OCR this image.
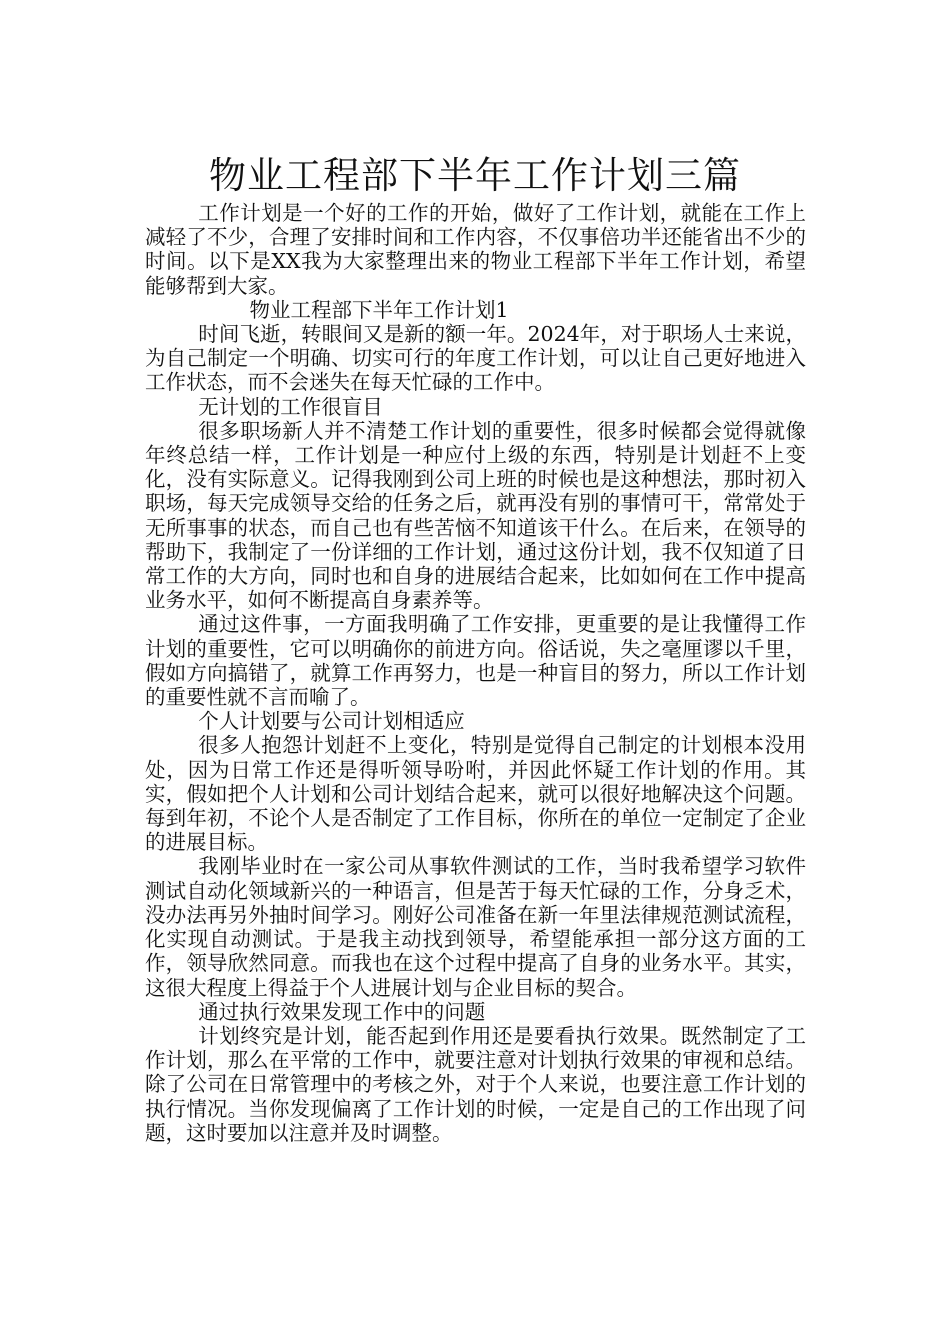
物业工程部下半年工作计划三篇

工作计划是一个好的工作的开始，做好了工作计划，就能在工作上减轻了不少，合理了安排时间和工作内容，不仅事倍功半还能省出不少的时间。以下是XX我为大家整理出来的物业工程部下半年工作计划，希望能够帮到大家。

物业工程部下半年工作计划1

时间飞逝，转眼间又是新的额一年。2024年，对于职场人士来说，为自己制定一个明确、切实可行的年度工作计划，可以让自己更好地进入工作状态，而不会迷失在每天忙碌的工作中。

无计划的工作很盲目

很多职场新人并不清楚工作计划的重要性，很多时候都会觉得就像年终总结一样，工作计划是一种应付上级的东西，特别是计划赶不上变化，没有实际意义。记得我刚到公司上班的时候也是这种想法，那时初入职场，每天完成领导交给的任务之后，就再没有别的事情可干，常常处于无所事事的状态，而自己也有些苦恼不知道该干什么。在后来，在领导的帮助下，我制定了一份详细的工作计划，通过这份计划，我不仅知道了日常工作的大方向，同时也和自身的进展结合起来，比如如何在工作中提高业务水平，如何不断提高自身素养等。

通过这件事，一方面我明确了工作安排，更重要的是让我懂得工作计划的重要性，它可以明确你的前进方向。俗话说，失之毫厘谬以千里，假如方向搞错了，就算工作再努力，也是一种盲目的努力，所以工作计划的重要性就不言而喻了。

个人计划要与公司计划相适应

很多人抱怨计划赶不上变化，特别是觉得自己制定的计划根本没用处，因为日常工作还是得听领导吩咐，并因此怀疑工作计划的作用。其实，假如把个人计划和公司计划结合起来，就可以很好地解决这个问题。每到年初，不论个人是否制定了工作目标，你所在的单位一定制定了企业的进展目标。

我刚毕业时在一家公司从事软件测试的工作，当时我希望学习软件测试自动化领域新兴的一种语言，但是苦于每天忙碌的工作，分身乏术，没办法再另外抽时间学习。刚好公司准备在新一年里法律规范测试流程，化实现自动测试。于是我主动找到领导，希望能承担一部分这方面的工作，领导欣然同意。而我也在这个过程中提高了自身的业务水平。其实，这很大程度上得益于个人进展计划与企业目标的契合。

通过执行效果发现工作中的问题

计划终究是计划，能否起到作用还是要看执行效果。既然制定了工作计划，那么在平常的工作中，就要注意对计划执行效果的审视和总结。除了公司在日常管理中的考核之外，对于个人来说，也要注意工作计划的执行情况。当你发现偏离了工作计划的时候，一定是自己的工作出现了问题，这时要加以注意并及时调整。
